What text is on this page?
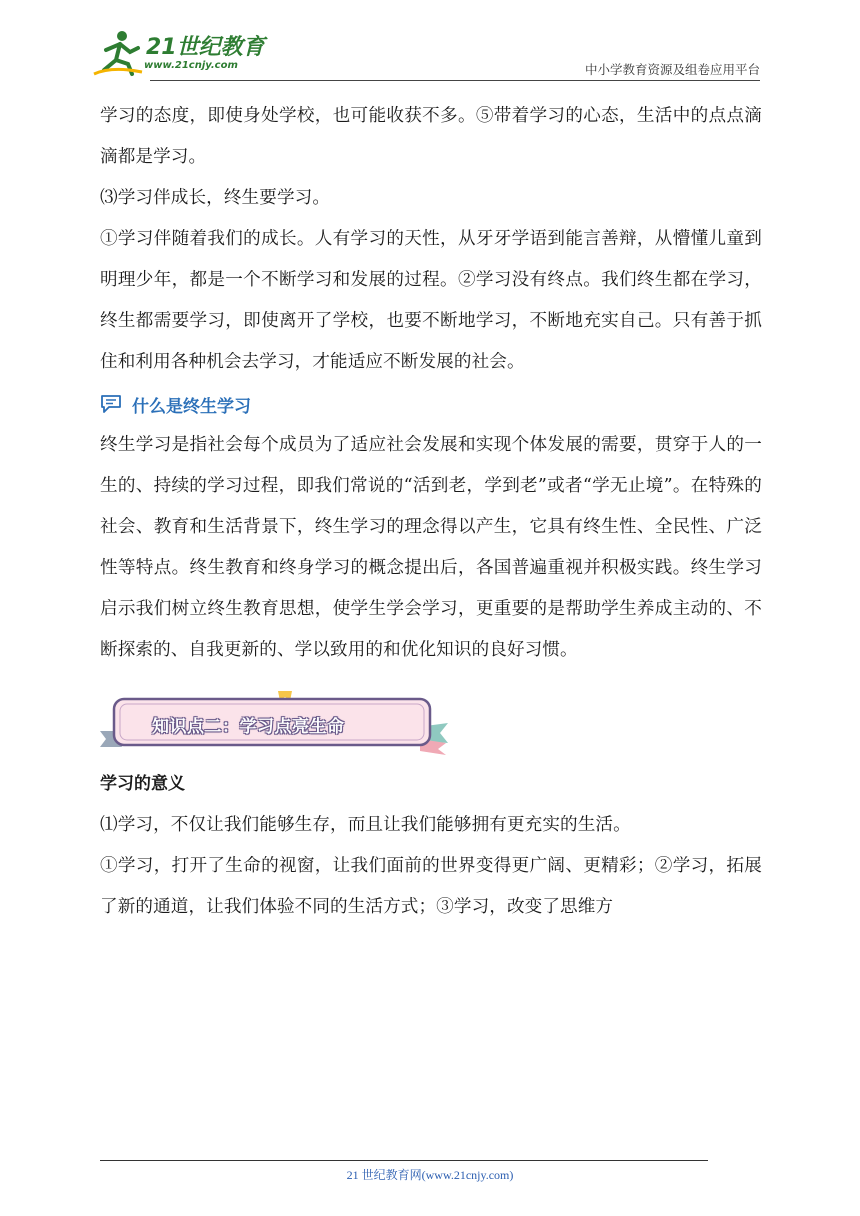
21世纪教育
www.21cnjy.com	中小学教育资源及组卷应用平台

学习的态度，即使身处学校，也可能收获不多。⑤带着学习的心态，生活中的点点滴滴都是学习。

⑶学习伴成长，终生要学习。

①学习伴随着我们的成长。人有学习的天性，从牙牙学语到能言善辩，从懵懂儿童到明理少年，都是一个不断学习和发展的过程。②学习没有终点。我们终生都在学习，终生都需要学习，即使离开了学校，也要不断地学习，不断地充实自己。只有善于抓住和利用各种机会去学习，才能适应不断发展的社会。

什么是终生学习

终生学习是指社会每个成员为了适应社会发展和实现个体发展的需要，贯穿于人的一生的、持续的学习过程，即我们常说的“活到老，学到老”或者“学无止境”。在特殊的社会、教育和生活背景下，终生学习的理念得以产生，它具有终生性、全民性、广泛性等特点。终生教育和终身学习的概念提出后，各国普遍重视并积极实践。终生学习启示我们树立终生教育思想，使学生学会学习，更重要的是帮助学生养成主动的、不断探索的、自我更新的、学以致用的和优化知识的良好习惯。

知识点二：学习点亮生命

学习的意义

⑴学习，不仅让我们能够生存，而且让我们能够拥有更充实的生活。

①学习，打开了生命的视窗，让我们面前的世界变得更广阔、更精彩；②学习，拓展了新的通道，让我们体验不同的生活方式；③学习，改变了思维方

21 世纪教育网(www.21cnjy.com)
